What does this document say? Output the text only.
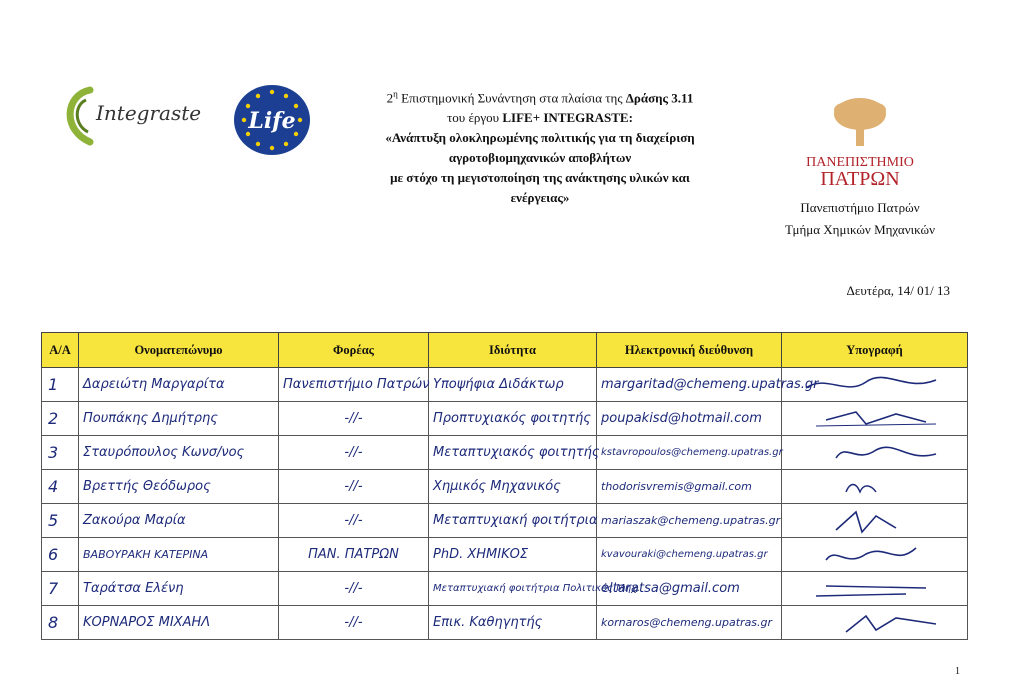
Integraste Life
$2^\eta$ Επιστημονική Συνάντηση στα πλαίσια της Δράσης 3.11
του έργου LIFE+ INTEGRASTE:
«Ανάπτυξη ολοκληρωμένης πολιτικής για τη διαχείριση
αγροτοβιομηχανικών αποβλήτων
με στόχο τη μεγιστοποίηση της ανάκτησης υλικών και
ενέργειας»
ΠΑΝΕΠΙΣΤΗΜΙΟ
ΠΑΤΡΩΝ
Πανεπιστήμιο Πατρών
Τμήμα Χημικών Μηχανικών
Δευτέρα, 14/ 01/ 13
Α/Α	Ονοματεπώνυμο	Φορέας	Ιδιότητα	Ηλεκτρονική διεύθυνση	Υπογραφή
1	Δαρειώτη Μαργαρίτα	Πανεπιστήμιο Πατρών	Υποψήφια Διδάκτωρ	margaritad@chemeng.upatras.gr	

2	Πουπάκης Δημήτρης	-//-	Προπτυχιακός φοιτητής	poupakisd@hotmail.com	

3	Σταυρόπουλος Κωνσ/νος	-//-	Μεταπτυχιακός φοιτητής	kstavropoulos@chemeng.upatras.gr	

4	Βρεττής Θεόδωρος	-//-	Χημικός Μηχανικός	thodorisvremis@gmail.com	

5	Ζακούρα Μαρία	-//-	Μεταπτυχιακή φοιτήτρια	mariaszak@chemeng.upatras.gr	

6	ΒΑΒΟΥΡΑΚΗ ΚΑΤΕΡΙΝΑ	ΠΑΝ. ΠΑΤΡΩΝ	PhD. ΧΗΜΙΚΟΣ	kvavouraki@chemeng.upatras.gr	

7	Ταράτσα Ελένη	-//-	Μεταπτυχιακή φοιτήτρια Πολιτικός Μηχ.	eltaratsa@gmail.com	

8	ΚΟΡΝΑΡΟΣ ΜΙΧΑΗΛ	-//-	Επικ. Καθηγητής	kornaros@chemeng.upatras.gr	
1
